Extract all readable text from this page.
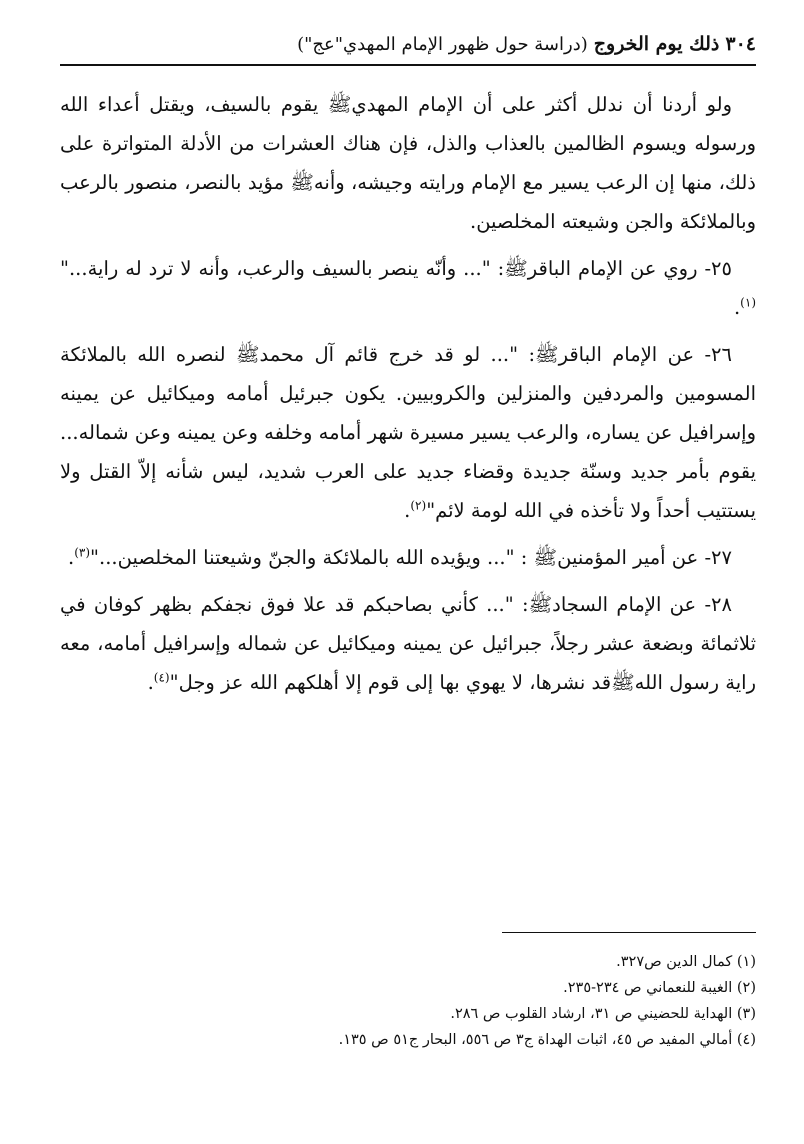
٣٠٤
ذلك يوم الخروج
(دراسة حول ظهور الإمام المهدي"عج")

ولو أردنا أن ندلل أكثر على أن الإمام المهديﷺ يقوم بالسيف، ويقتل أعداء الله ورسوله ويسوم الظالمين بالعذاب والذل، فإن هناك العشرات من الأدلة المتواترة على ذلك، منها إن الرعب يسير مع الإمام ورايته وجيشه، وأنهﷺ مؤيد بالنصر، منصور بالرعب وبالملائكة والجن وشيعته المخلصين.

٢٥- روي عن الإمام الباقرﷺ: "... وأنّه ينصر بالسيف والرعب، وأنه لا ترد له راية..."$^{(١)}$.

٢٦- عن الإمام الباقرﷺ: "... لو قد خرج قائم آل محمدﷺ لنصره الله بالملائكة المسومين والمردفين والمنزلين والكروبيين. يكون جبرئيل أمامه وميكائيل عن يمينه وإسرافيل عن يساره، والرعب يسير مسيرة شهر أمامه وخلفه وعن يمينه وعن شماله... يقوم بأمر جديد وسنّة جديدة وقضاء جديد على العرب شديد، ليس شأنه إلاّ القتل ولا يستتيب أحداً ولا تأخذه في الله لومة لائم"$^{(٢)}$.

٢٧- عن أمير المؤمنينﷺ : "... ويؤيده الله بالملائكة والجنّ وشيعتنا المخلصين..."$^{(٣)}$.

٢٨- عن الإمام السجادﷺ: "... كأني بصاحبكم قد علا فوق نجفكم بظهر كوفان في ثلاثمائة وبضعة عشر رجلاً، جبرائيل عن يمينه وميكائيل عن شماله وإسرافيل أمامه، معه راية رسول اللهﷺقد نشرها، لا يهوي بها إلى قوم إلا أهلكهم الله عز وجل"$^{(٤)}$.

(١) كمال الدين ص٣٢٧.

(٢) الغيبة للنعماني ص ٢٣٤-٢٣٥.

(٣) الهداية للحضيني ص ٣١، ارشاد القلوب ص ٢٨٦.

(٤) أمالي المفيد ص ٤٥، اثبات الهداة ج٣ ص ٥٥٦، البحار ج٥١ ص ١٣٥.
